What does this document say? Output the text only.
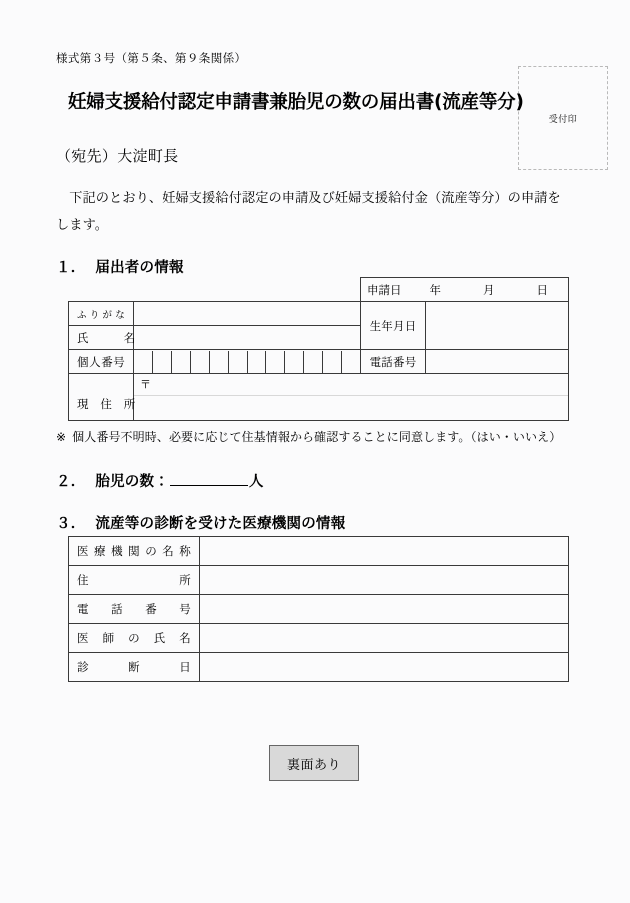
様式第３号（第５条、第９条関係）
受付印
妊婦支援給付認定申請書兼胎児の数の届出書(流産等分)
（宛先）大淀町長
下記のとおり、妊婦支援給付認定の申請及び妊婦支援給付金（流産等分）の申請をします。
１． 届出者の情報

		申請日 年 月 日	

ふりがな		生年月日	

氏　　　名			

個人番号		電話番号	

現　住　所	〒		
※ 個人番号不明時、必要に応じて住基情報から確認することに同意します。（はい・いいえ）
２． 胎児の数：	人
３． 流産等の診断を受けた医療機関の情報
医療機関の名称	

住所	

電話番号	

医師の氏名	

診断日	

裏面あり
